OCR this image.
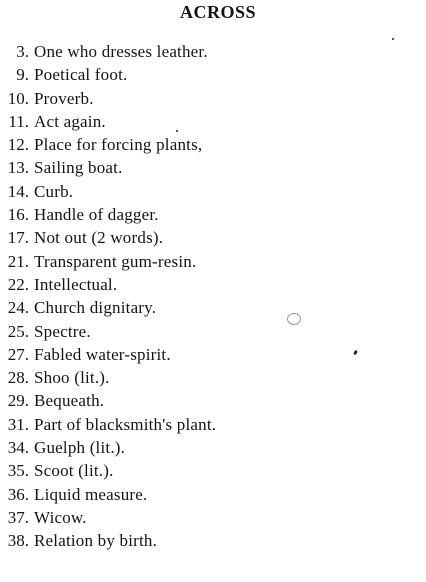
ACROSS
3. One who dresses leather.
9. Poetical foot.
10. Proverb.
11. Act again.
12. Place for forcing plants,
13. Sailing boat.
14. Curb.
16. Handle of dagger.
17. Not out (2 words).
21. Transparent gum-resin.
22. Intellectual.
24. Church dignitary.
25. Spectre.
27. Fabled water-spirit.
28. Shoo (lit.).
29. Bequeath.
31. Part of blacksmith's plant.
34. Guelph (lit.).
35. Scoot (lit.).
36. Liquid measure.
37. Wicow.
38. Relation by birth.
